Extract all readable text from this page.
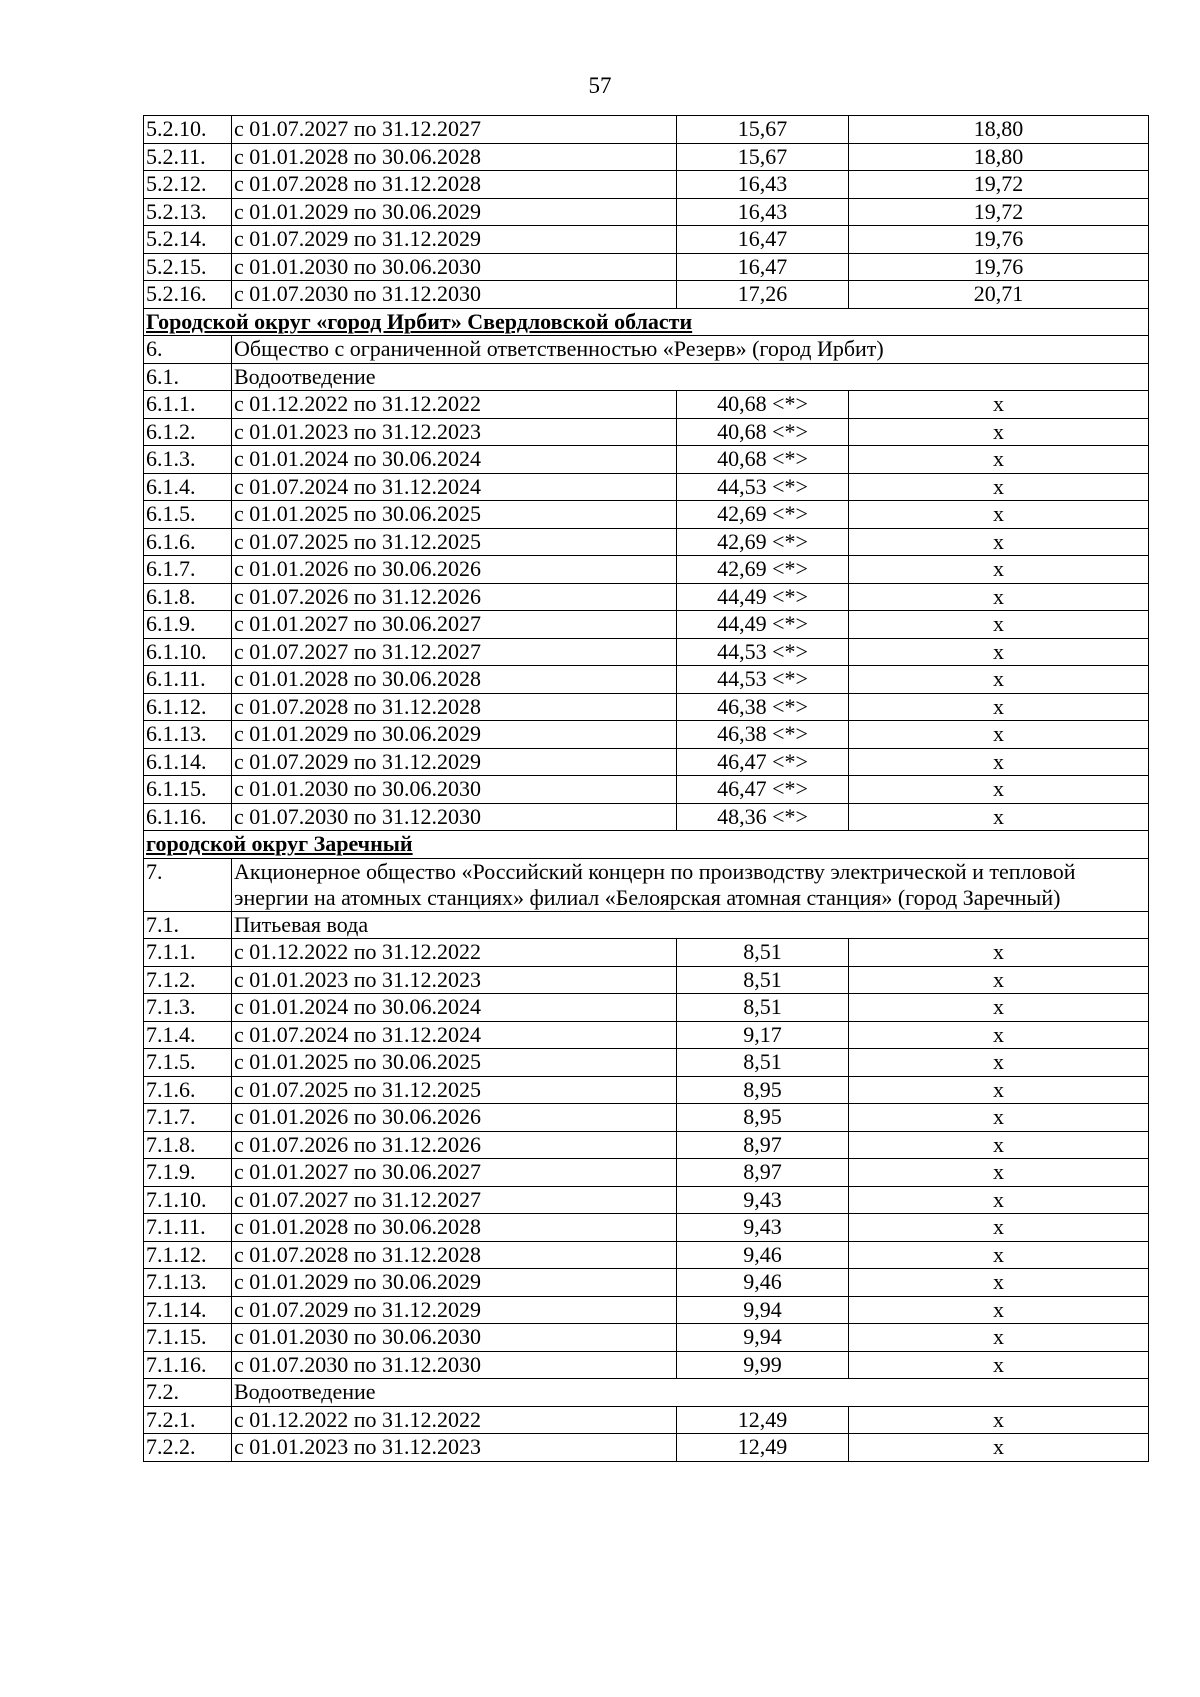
57
5.2.10.	с 01.07.2027 по 31.12.2027	15,67	18,80
5.2.11.	с 01.01.2028 по 30.06.2028	15,67	18,80
5.2.12.	с 01.07.2028 по 31.12.2028	16,43	19,72
5.2.13.	с 01.01.2029 по 30.06.2029	16,43	19,72
5.2.14.	с 01.07.2029 по 31.12.2029	16,47	19,76
5.2.15.	с 01.01.2030 по 30.06.2030	16,47	19,76
5.2.16.	с 01.07.2030 по 31.12.2030	17,26	20,71
Городской округ «город Ирбит» Свердловской области			
6.	Общество с ограниченной ответственностью «Резерв» (город Ирбит)		
6.1.	Водоотведение		
6.1.1.	с 01.12.2022 по 31.12.2022	40,68 <*>	x
6.1.2.	с 01.01.2023 по 31.12.2023	40,68 <*>	x
6.1.3.	с 01.01.2024 по 30.06.2024	40,68 <*>	x
6.1.4.	с 01.07.2024 по 31.12.2024	44,53 <*>	x
6.1.5.	с 01.01.2025 по 30.06.2025	42,69 <*>	x
6.1.6.	с 01.07.2025 по 31.12.2025	42,69 <*>	x
6.1.7.	с 01.01.2026 по 30.06.2026	42,69 <*>	x
6.1.8.	с 01.07.2026 по 31.12.2026	44,49 <*>	x
6.1.9.	с 01.01.2027 по 30.06.2027	44,49 <*>	x
6.1.10.	с 01.07.2027 по 31.12.2027	44,53 <*>	x
6.1.11.	с 01.01.2028 по 30.06.2028	44,53 <*>	x
6.1.12.	с 01.07.2028 по 31.12.2028	46,38 <*>	x
6.1.13.	с 01.01.2029 по 30.06.2029	46,38 <*>	x
6.1.14.	с 01.07.2029 по 31.12.2029	46,47 <*>	x
6.1.15.	с 01.01.2030 по 30.06.2030	46,47 <*>	x
6.1.16.	с 01.07.2030 по 31.12.2030	48,36 <*>	x
городской округ Заречный			
7.	Акционерное общество «Российский концерн по производству электрической и тепловой энергии на атомных станциях» филиал «Белоярская атомная станция» (город Заречный)		
7.1.	Питьевая вода		
7.1.1.	с 01.12.2022 по 31.12.2022	8,51	x
7.1.2.	с 01.01.2023 по 31.12.2023	8,51	x
7.1.3.	с 01.01.2024 по 30.06.2024	8,51	x
7.1.4.	с 01.07.2024 по 31.12.2024	9,17	x
7.1.5.	с 01.01.2025 по 30.06.2025	8,51	x
7.1.6.	с 01.07.2025 по 31.12.2025	8,95	x
7.1.7.	с 01.01.2026 по 30.06.2026	8,95	x
7.1.8.	с 01.07.2026 по 31.12.2026	8,97	x
7.1.9.	с 01.01.2027 по 30.06.2027	8,97	x
7.1.10.	с 01.07.2027 по 31.12.2027	9,43	x
7.1.11.	с 01.01.2028 по 30.06.2028	9,43	x
7.1.12.	с 01.07.2028 по 31.12.2028	9,46	x
7.1.13.	с 01.01.2029 по 30.06.2029	9,46	x
7.1.14.	с 01.07.2029 по 31.12.2029	9,94	x
7.1.15.	с 01.01.2030 по 30.06.2030	9,94	x
7.1.16.	с 01.07.2030 по 31.12.2030	9,99	x
7.2.	Водоотведение		
7.2.1.	с 01.12.2022 по 31.12.2022	12,49	x
7.2.2.	с 01.01.2023 по 31.12.2023	12,49	x
